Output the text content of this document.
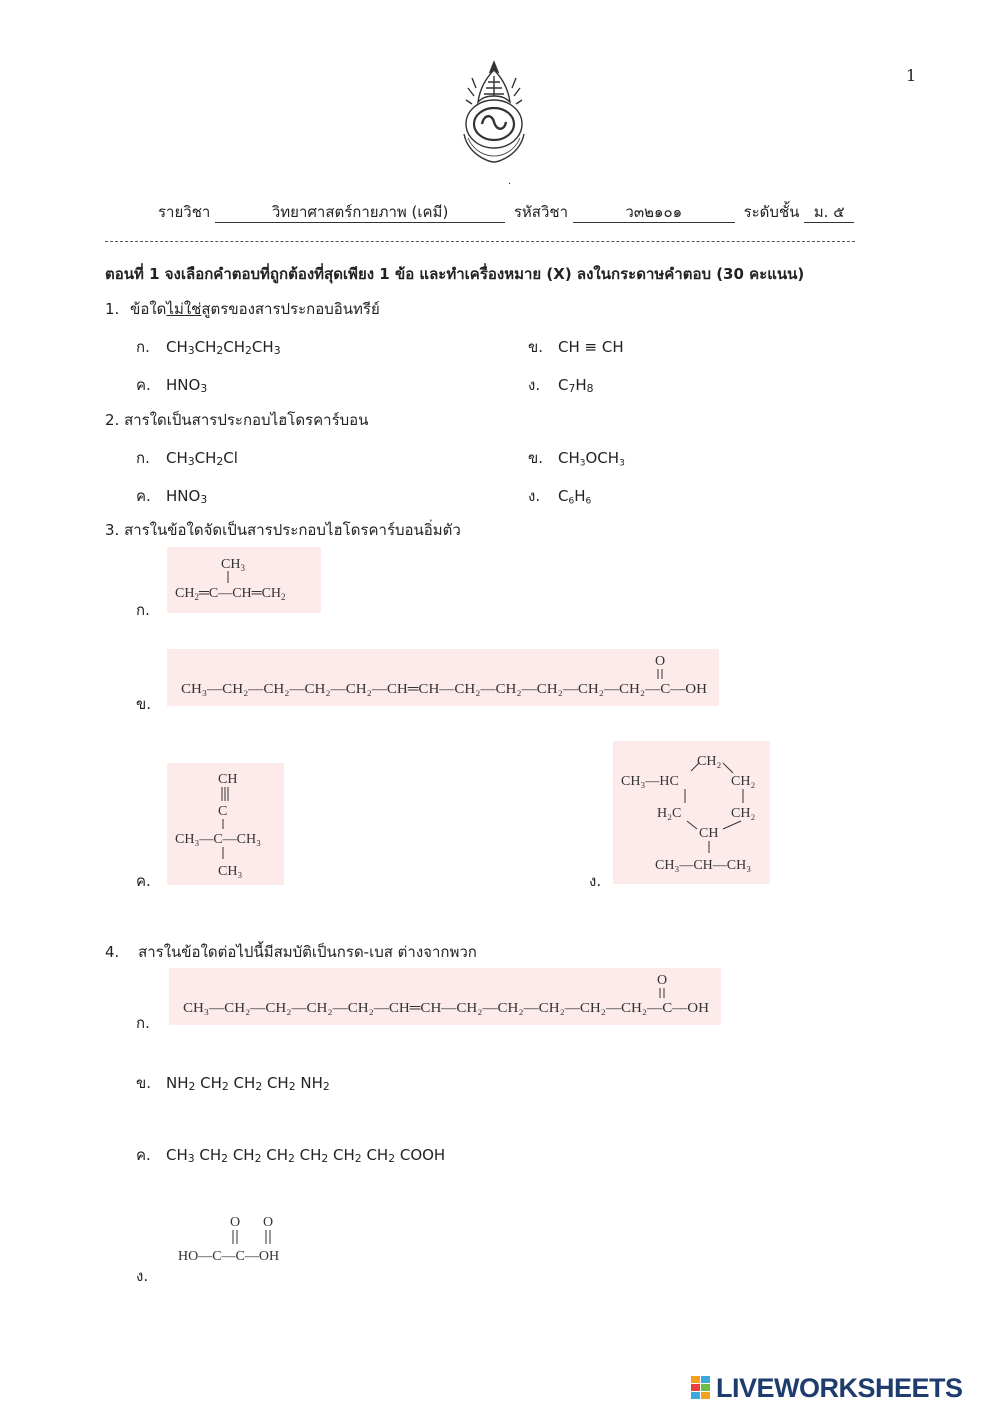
1
.
รายวิชา	วิทยาศาสตร์กายภาพ (เคมี)	รหัสวิชา	ว๓๒๑๐๑	ระดับชั้น ม. ๕
ตอนที่ 1 จงเลือกคำตอบที่ถูกต้องที่สุดเพียง 1 ข้อ และทำเครื่องหมาย (X) ลงในกระดาษคำตอบ (30 คะแนน)
1. ข้อใดไม่ใช่สูตรของสารประกอบอินทรีย์
ก. $CH_3CH_2CH_2CH_3$	ข. CH ≡ CH
ค. $HNO_3$	ง. $C_7H_8$
2. สารใดเป็นสารประกอบไฮโดรคาร์บอน
ก. $CH_3CH_2Cl$	ข. CH3OCH3
ค. $HNO_3$	ง. C6H6
3. สารในข้อใดจัดเป็นสารประกอบไฮโดรคาร์บอนอิ่มตัว
ก.
$CH_3$
$CH_2═C—CH═CH_2$
ข.
O
CH₃—CH₂—CH₂—CH₂—CH₂—CH═CH—CH₂—CH₂—CH₂—CH₂—CH₂—C—OH
ค.
CH
C
CH₃—C—CH₃
CH₃
ง.
CH₂
CH₃—HC	CH₂
H₂C	CH₂
CH
CH₃—CH—CH₃
4. สารในข้อใดต่อไปนี้มีสมบัติเป็นกรด-เบส ต่างจากพวก
ก.
O
CH₃—CH₂—CH₂—CH₂—CH₂—CH═CH—CH₂—CH₂—CH₂—CH₂—CH₂—C—OH
ข. $NH_2$ $CH_2$ $CH_2$ $CH_2$ $NH_2$
ค. $CH_3$ $CH_2$ $CH_2$ $CH_2$ $CH_2$ $CH_2$ $CH_2$ COOH
ง.
O O
HO—C—C—OH
LIVEWORKSHEETS
